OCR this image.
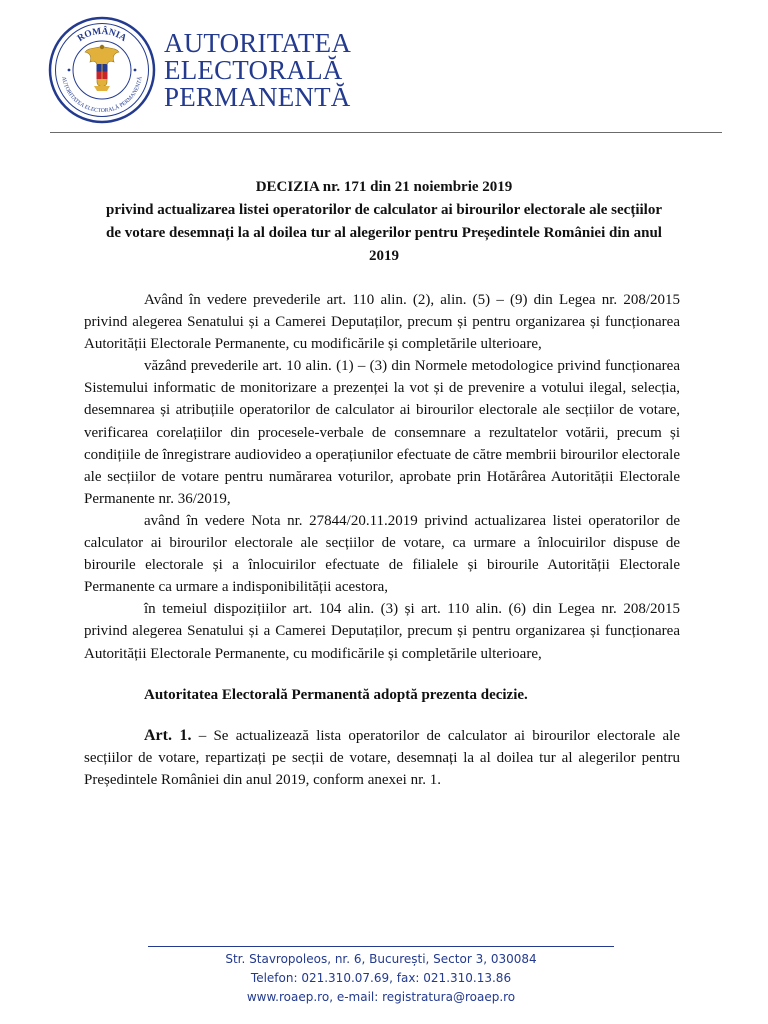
ROMÂNIA
AUTORITATEA ELECTORALĂ PERMANENTĂ
AUTORITATEA
ELECTORALĂ
PERMANENTĂ
DECIZIA nr. 171 din 21 noiembrie 2019
privind actualizarea listei operatorilor de calculator ai birourilor electorale ale secțiilor de votare desemnați la al doilea tur al alegerilor pentru Președintele României din anul 2019

Având în vedere prevederile art. 110 alin. (2), alin. (5) – (9) din Legea nr. 208/2015 privind alegerea Senatului și a Camerei Deputaților, precum și pentru organizarea și funcționarea Autorității Electorale Permanente, cu modificările și completările ulterioare,

văzând prevederile art. 10 alin. (1) – (3) din Normele metodologice privind funcționarea Sistemului informatic de monitorizare a prezenței la vot și de prevenire a votului ilegal, selecția, desemnarea și atribuțiile operatorilor de calculator ai birourilor electorale ale secțiilor de votare, verificarea corelațiilor din procesele-verbale de consemnare a rezultatelor votării, precum și condițiile de înregistrare audiovideo a operațiunilor efectuate de către membrii birourilor electorale ale secțiilor de votare pentru numărarea voturilor, aprobate prin Hotărârea Autorității Electorale Permanente nr. 36/2019,

având în vedere Nota nr. 27844/20.11.2019 privind actualizarea listei operatorilor de calculator ai birourilor electorale ale secțiilor de votare, ca urmare a înlocuirilor dispuse de birourile electorale și a înlocuirilor efectuate de filialele și birourile Autorității Electorale Permanente ca urmare a indisponibilității acestora,

în temeiul dispozițiilor art. 104 alin. (3) și art. 110 alin. (6) din Legea nr. 208/2015 privind alegerea Senatului și a Camerei Deputaților, precum și pentru organizarea și funcționarea Autorității Electorale Permanente, cu modificările și completările ulterioare,

Autoritatea Electorală Permanentă adoptă prezenta decizie.

Art. 1. – Se actualizează lista operatorilor de calculator ai birourilor electorale ale secțiilor de votare, repartizați pe secții de votare, desemnați la al doilea tur al alegerilor pentru Președintele României din anul 2019, conform anexei nr. 1.

Str. Stavropoleos, nr. 6, București, Sector 3, 030084
Telefon: 021.310.07.69, fax: 021.310.13.86
www.roaep.ro, e-mail: registratura@roaep.ro
